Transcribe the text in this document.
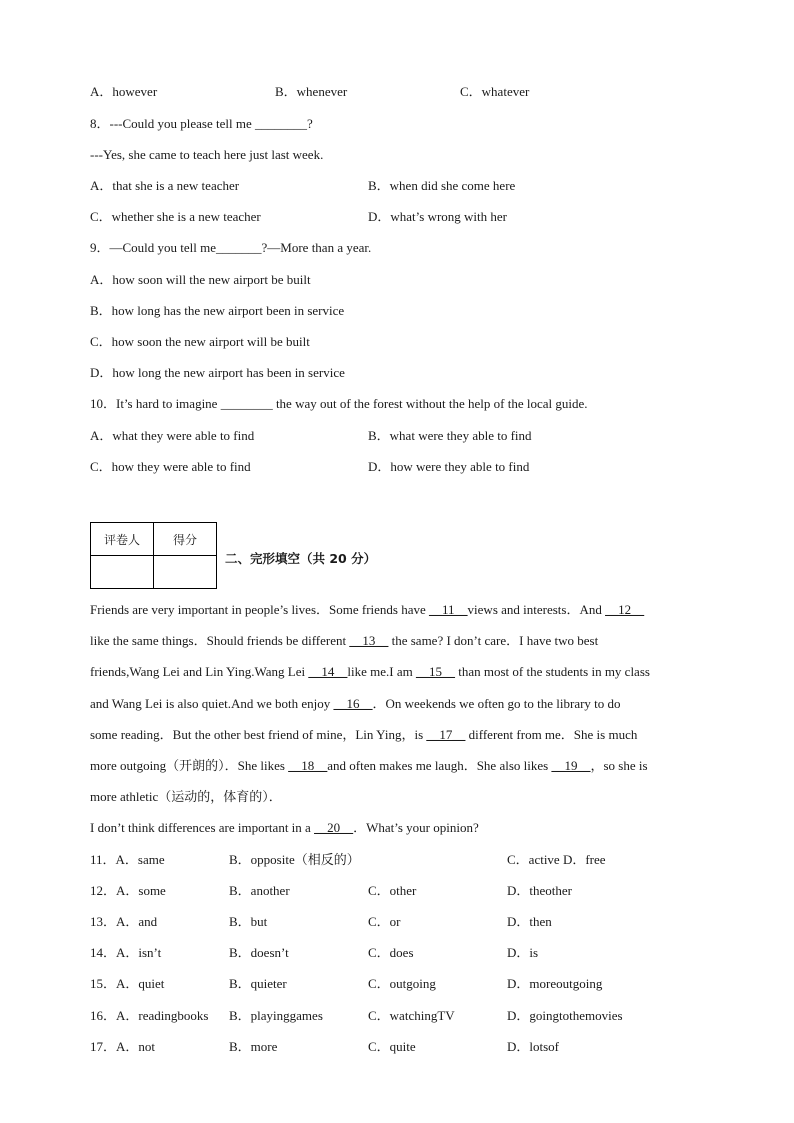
A．however	B．whenever	C．whatever
8．---Could you please tell me ________?
---Yes, she came to teach here just last week.
A．that she is a new teacher	B．when did she come here
C．whether she is a new teacher	D．what’s wrong with her
9．—Could you tell me_______?—More than a year.
A．how soon will the new airport be built
B．how long has the new airport been in service
C．how soon the new airport will be built
D．how long the new airport has been in service
10．It’s hard to imagine ________ the way out of the forest without the help of the local guide.
A．what they were able to find	B．what were they able to find
C．how they were able to find	D．how were they able to find
评卷人	得分

二、完形填空（共 20 分）
Friends are very important in people’s lives．Some friends have __11__views and interests．And __12__
like the same things．Should friends be different __13__ the same? I don’t care．I have two best
friends,Wang Lei and Lin Ying.Wang Lei __14__like me.I am __15__ than most of the students in my class
and Wang Lei is also quiet.And we both enjoy __16__．On weekends we often go to the library to do
some reading．But the other best friend of mine，Lin Ying，is __17__ different from me．She is much
more outgoing（开朗的）．She likes __18__and often makes me laugh．She also likes __19__，so she is
more athletic（运动的，体育的）．
I don’t think differences are important in a __20__．What’s your opinion?
11．A．same	B．opposite（相反的）	C．active D．free
12．A．some	B．another	C．other	D．theother
13．A．and	B．but	C．or	D．then
14．A．isn’t	B．doesn’t	C．does	D．is
15．A．quiet	B．quieter	C．outgoing	D．moreoutgoing
16．A．readingbooks B．playinggames	C．watchingTV	D．goingtothemovies
17．A．not	B．more	C．quite	D．lotsof
